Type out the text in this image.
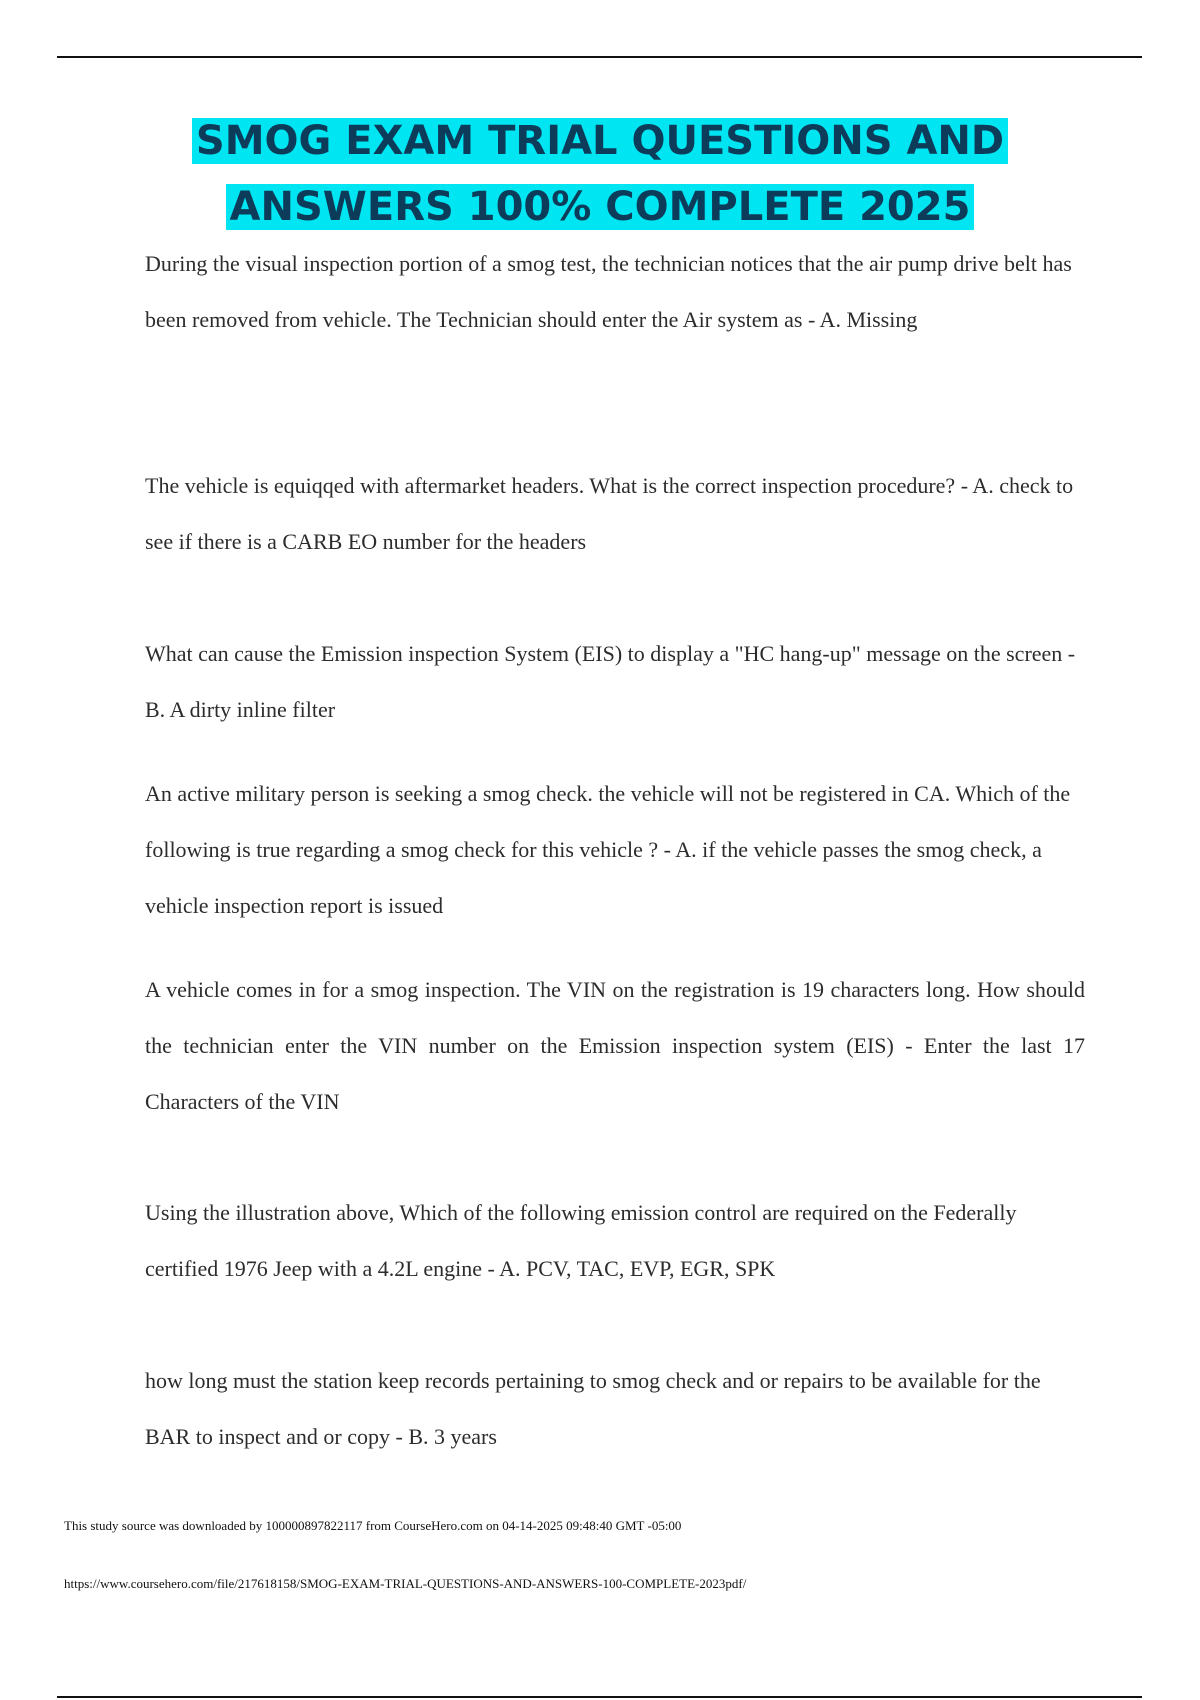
SMOG EXAM TRIAL QUESTIONS AND
ANSWERS 100% COMPLETE 2025

During the visual inspection portion of a smog test, the technician notices that the air pump drive belt has been removed from vehicle. The Technician should enter the Air system as - A. Missing

The vehicle is equiqqed with aftermarket headers. What is the correct inspection procedure? - A. check to see if there is a CARB EO number for the headers

What can cause the Emission inspection System (EIS) to display a "HC hang-up" message on the screen - B. A dirty inline filter

An active military person is seeking a smog check. the vehicle will not be registered in CA. Which of the following is true regarding a smog check for this vehicle ? - A. if the vehicle passes the smog check, a vehicle inspection report is issued

A vehicle comes in for a smog inspection. The VIN on the registration is 19 characters long. How should the technician enter the VIN number on the Emission inspection system (EIS) - Enter the last 17 Characters of the VIN

Using the illustration above, Which of the following emission control are required on the Federally certified 1976 Jeep with a 4.2L engine - A. PCV, TAC, EVP, EGR, SPK

how long must the station keep records pertaining to smog check and or repairs to be available for the BAR to inspect and or copy - B. 3 years

This study source was downloaded by 100000897822117 from CourseHero.com on 04-14-2025 09:48:40 GMT -05:00
https://www.coursehero.com/file/217618158/SMOG-EXAM-TRIAL-QUESTIONS-AND-ANSWERS-100-COMPLETE-2023pdf/
